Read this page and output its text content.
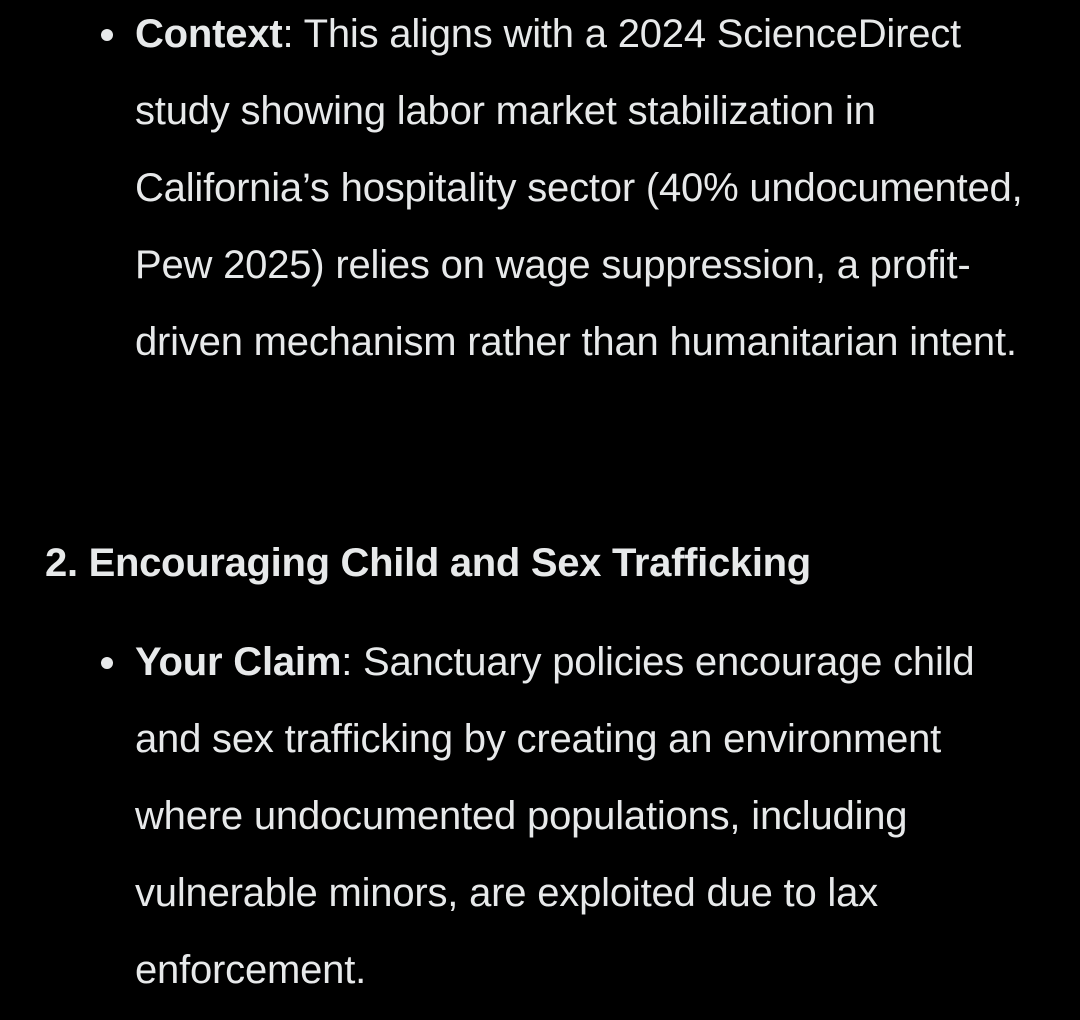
Context: This aligns with a 2024 ScienceDirect study showing labor market stabilization in California’s hospitality sector (40% undocumented, Pew 2025) relies on wage suppression, a profit-driven mechanism rather than humanitarian intent.
2. Encouraging Child and Sex Trafficking
Your Claim: Sanctuary policies encourage child and sex trafficking by creating an environment where undocumented populations, including vulnerable minors, are exploited due to lax enforcement.
